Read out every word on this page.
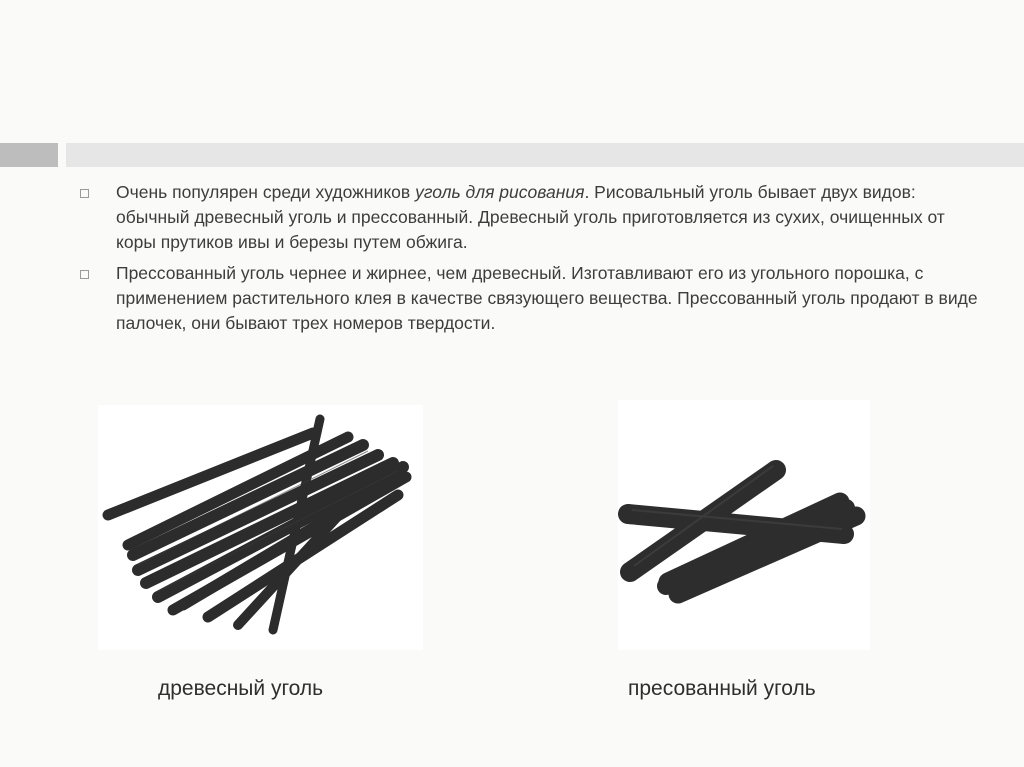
Очень популярен среди художников уголь для рисования. Рисовальный уголь бывает двух видов: обычный древесный уголь и прессованный. Древесный уголь приготовляется из сухих, очищенных от коры прутиков ивы и березы путем обжига.
Прессованный уголь чернее и жирнее, чем древесный. Изготавливают его из угольного порошка, с применением растительного клея в качестве связующего вещества. Прессованный уголь продают в виде палочек, они бывают трех номеров твердости.
древесный уголь	пресованный уголь
